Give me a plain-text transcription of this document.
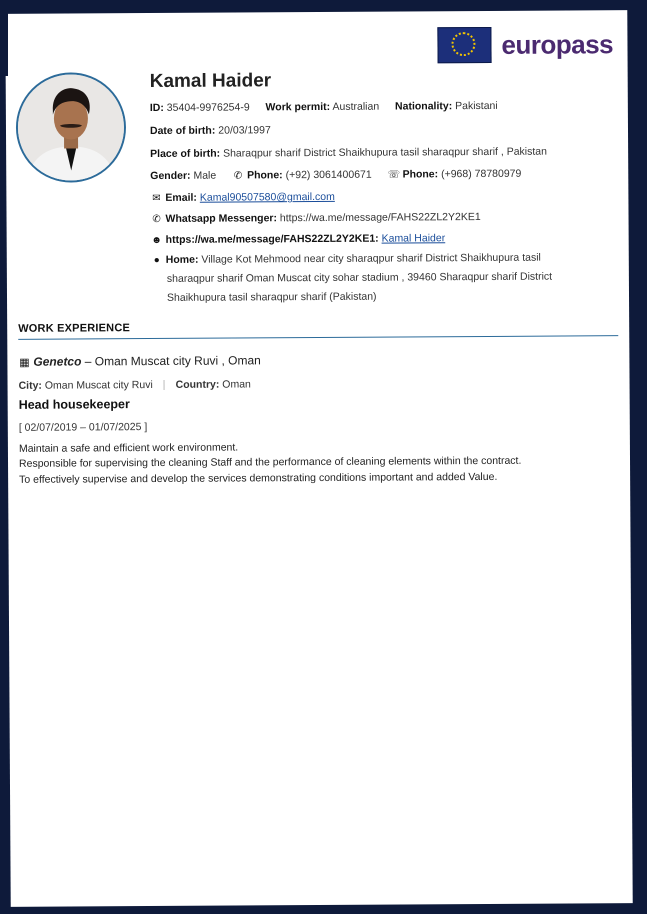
europass
Kamal Haider
ID: 35404-9976254-9 Work permit: Australian Nationality: Pakistani
Date of birth: 20/03/1997
Place of birth: Sharaqpur sharif District Shaikhupura tasil sharaqpur sharif , Pakistan
Gender: Male ✆ Phone: (+92) 3061400671 ☏ Phone: (+968) 78780979
✉ Email: Kamal90507580@gmail.com
✆ Whatsapp Messenger: https://wa.me/message/FAHS22ZL2Y2KE1
☻ https://wa.me/message/FAHS22ZL2Y2KE1: Kamal Haider
● Home: Village Kot Mehmood near city sharaqpur sharif District Shaikhupura tasil
sharaqpur sharif Oman Muscat city sohar stadium , 39460 Sharaqpur sharif District
Shaikhupura tasil sharaqpur sharif (Pakistan)
WORK EXPERIENCE
▦ Genetco – Oman Muscat city Ruvi , Oman
City: Oman Muscat city Ruvi Country: Oman
Head housekeeper
[ 02/07/2019 – 01/07/2025 ]
Maintain a safe and efficient work environment.
Responsible for supervising the cleaning Staff and the performance of cleaning elements within the contract.
To effectively supervise and develop the services demonstrating conditions important and added Value.
